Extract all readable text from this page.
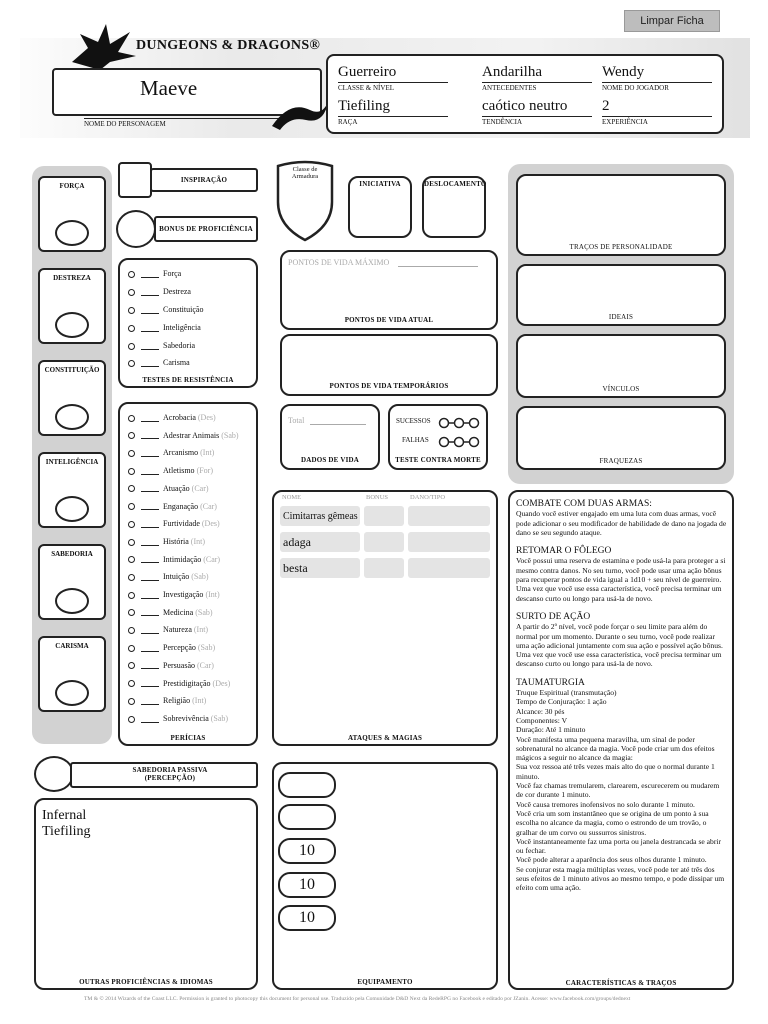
Limpar Ficha
DUNGEONS & DRAGONS®
Maeve
NOME DO PERSONAGEM
Guerreiro
CLASSE & NÍVEL
Andarilha
ANTECEDENTES
Wendy
NOME DO JOGADOR
Tiefiling
RAÇA
caótico neutro
TENDÊNCIA
2
EXPERIÊNCIA
FORÇA
DESTREZA
CONSTITUIÇÃO
INTELIGÊNCIA
SABEDORIA
CARISMA
INSPIRAÇÃO
BONUS DE PROFICIÊNCIA
Força
Destreza
Constituição
Inteligência
Sabedoria
Carisma
TESTES DE RESISTÊNCIA
Acrobacia (Des)
Adestrar Animais (Sab)
Arcanismo (Int)
Atletismo (For)
Atuação (Car)
Enganação (Car)
Furtividade (Des)
História (Int)
Intimidação (Car)
Intuição (Sab)
Investigação (Int)
Medicina (Sab)
Natureza (Int)
Percepção (Sab)
Persuasão (Car)
Prestidigitação (Des)
Religião (Int)
Sobrevivência (Sab)
PERÍCIAS
Classe de Armadura
INICIATIVA	DESLOCAMENTO
PONTOS DE VIDA MÁXIMO
PONTOS DE VIDA ATUAL
PONTOS DE VIDA TEMPORÁRIOS
Total
DADOS DE VIDA
SUCESSOS
FALHAS
TESTE CONTRA MORTE
NOME	BONUS	DANO/TIPO
Cimitarras gêmeas
adaga
besta
ATAQUES & MAGIAS
TRAÇOS DE PERSONALIDADE
IDEAIS
VÍNCULOS
FRAQUEZAS
COMBATE COM DUAS ARMAS:
Quando você estiver engajado em uma luta com duas armas, você pode adicionar o seu modificador de habilidade de dano na jogada de dano se seu segundo ataque.
RETOMAR O FÔLEGO
Você possui uma reserva de estamina e pode usá-la para proteger a si mesmo contra danos. No seu turno, você pode usar uma ação bônus para recuperar pontos de vida igual a 1d10 + seu nível de guerreiro.
Uma vez que você use essa característica, você precisa terminar um descanso curto ou longo para usá-la de novo.
SURTO DE AÇÃO
A partir do 2º nível, você pode forçar o seu limite para além do normal por um momento. Durante o seu turno, você pode realizar uma ação adicional juntamente com sua ação e possível ação bônus.
Uma vez que você use essa característica, você precisa terminar um descanso curto ou longo para usá-la de novo.
TAUMATURGIA
Truque Espiritual (transmutação)
Tempo de Conjuração: 1 ação
Alcance: 30 pés
Componentes: V
Duração: Até 1 minuto
Você manifesta uma pequena maravilha, um sinal de poder sobrenatural no alcance da magia. Você pode criar um dos efeitos mágicos a seguir no alcance da magia:
Sua voz ressoa até três vezes mais alto do que o normal durante 1 minuto.
Você faz chamas tremularem, clarearem, escurecerem ou mudarem de cor durante 1 minuto.
Você causa tremores inofensivos no solo durante 1 minuto.
Você cria um som instantâneo que se origina de um ponto à sua escolha no alcance da magia, como o estrondo de um trovão, o gralhar de um corvo ou sussurros sinistros.
Você instantaneamente faz uma porta ou janela destrancada se abrir ou fechar.
Você pode alterar a aparência dos seus olhos durante 1 minuto.
Se conjurar esta magia múltiplas vezes, você pode ter até três dos seus efeitos de 1 minuto ativos ao mesmo tempo, e pode dissipar um efeito com uma ação.
CARACTERÍSTICAS & TRAÇOS
SABEDORIA PASSIVA (PERCEPÇÃO)
Infernal
Tiefiling
OUTRAS PROFICIÊNCIAS & IDIOMAS	EQUIPAMENTO
10
10
10
TM & © 2014 Wizards of the Coast LLC. Permission is granted to photocopy this document for personal use. Traduzido pela Comunidade D&D Next da RedeRPG no Facebook e editado por JZanin. Acesse: www.facebook.com/groups/dednext
